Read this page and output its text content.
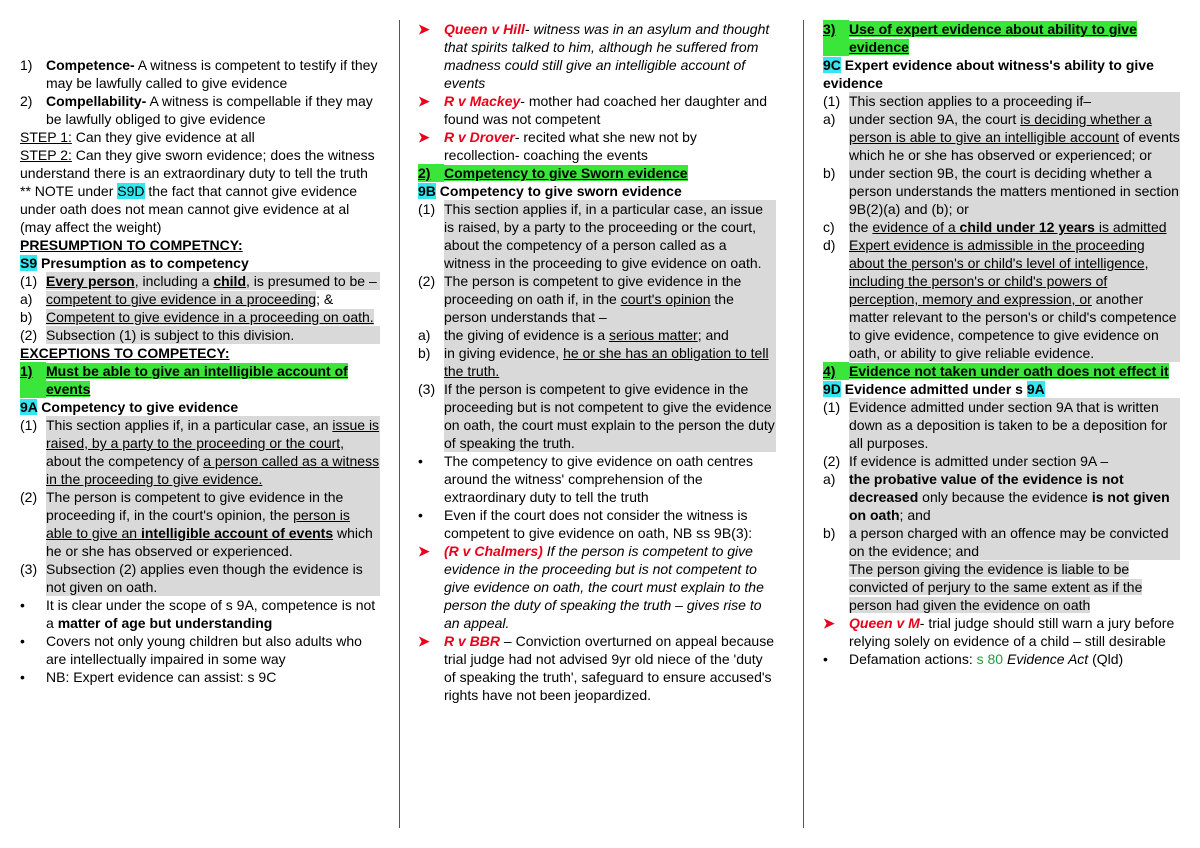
1) Competence- A witness is competent to testify if they may be lawfully called to give evidence

2) Compellability- A witness is compellable if they may be lawfully obliged to give evidence

STEP 1: Can they give evidence at all

STEP 2: Can they give sworn evidence; does the witness understand there is an extraordinary duty to tell the truth

** NOTE under S9D the fact that cannot give evidence under oath does not mean cannot give evidence at al (may affect the weight)

PRESUMPTION TO COMPETNCY:

S9 Presumption as to competency

(1) Every person, including a child, is presumed to be –

a) competent to give evidence in a proceeding; &

b) Competent to give evidence in a proceeding on oath.

(2) Subsection (1) is subject to this division.

EXCEPTIONS TO COMPETECY:

1) Must be able to give an intelligible account of events

9A Competency to give evidence

(1) This section applies if, in a particular case, an issue is raised, by a party to the proceeding or the court, about the competency of a person called as a witness in the proceeding to give evidence.

(2) The person is competent to give evidence in the proceeding if, in the court's opinion, the person is able to give an intelligible account of events which he or she has observed or experienced.

(3) Subsection (2) applies even though the evidence is not given on oath.

•	It is clear under the scope of s 9A, competence is not a matter of age but understanding

•	Covers not only young children but also adults who are intellectually impaired in some way

•	NB: Expert evidence can assist: s 9C

➤	Queen v Hill- witness was in an asylum and thought that spirits talked to him, although he suffered from madness could still give an intelligible account of events

➤	R v Mackey- mother had coached her daughter and found was not competent

➤	R v Drover- recited what she new not by recollection- coaching the events

2) Competency to give Sworn evidence

9B Competency to give sworn evidence

(1) This section applies if, in a particular case, an issue is raised, by a party to the proceeding or the court, about the competency of a person called as a witness in the proceeding to give evidence on oath.

(2) The person is competent to give evidence in the proceeding on oath if, in the court's opinion the person understands that –

a) the giving of evidence is a serious matter; and

b) in giving evidence, he or she has an obligation to tell the truth.

(3) If the person is competent to give evidence in the proceeding but is not competent to give the evidence on oath, the court must explain to the person the duty of speaking the truth.

•	The competency to give evidence on oath centres around the witness' comprehension of the extraordinary duty to tell the truth

•	Even if the court does not consider the witness is competent to give evidence on oath, NB ss 9B(3):

➤	(R v Chalmers) If the person is competent to give evidence in the proceeding but is not competent to give evidence on oath, the court must explain to the person the duty of speaking the truth – gives rise to an appeal.

➤	R v BBR – Conviction overturned on appeal because trial judge had not advised 9yr old niece of the 'duty of speaking the truth', safeguard to ensure accused's rights have not been jeopardized.

3) Use of expert evidence about ability to give evidence

9C Expert evidence about witness's ability to give evidence

(1) This section applies to a proceeding if–

a) under section 9A, the court is deciding whether a person is able to give an intelligible account of events which he or she has observed or experienced; or

b) under section 9B, the court is deciding whether a person understands the matters mentioned in section 9B(2)(a) and (b); or

c)	the evidence of a child under 12 years is admitted

d) Expert evidence is admissible in the proceeding about the person's or child's level of intelligence, including the person's or child's powers of perception, memory and expression, or another matter relevant to the person's or child's competence to give evidence, competence to give evidence on oath, or ability to give reliable evidence.

4) Evidence not taken under oath does not effect it

9D Evidence admitted under s 9A

(1) Evidence admitted under section 9A that is written down as a deposition is taken to be a deposition for all purposes.

(2) If evidence is admitted under section 9A –

a) the probative value of the evidence is not decreased only because the evidence is not given on oath; and

b) a person charged with an offence may be convicted on the evidence; and

The person giving the evidence is liable to be convicted of perjury to the same extent as if the person had given the evidence on oath

➤	Queen v M- trial judge should still warn a jury before relying solely on evidence of a child – still desirable

•	Defamation actions: s 80 Evidence Act (Qld)
